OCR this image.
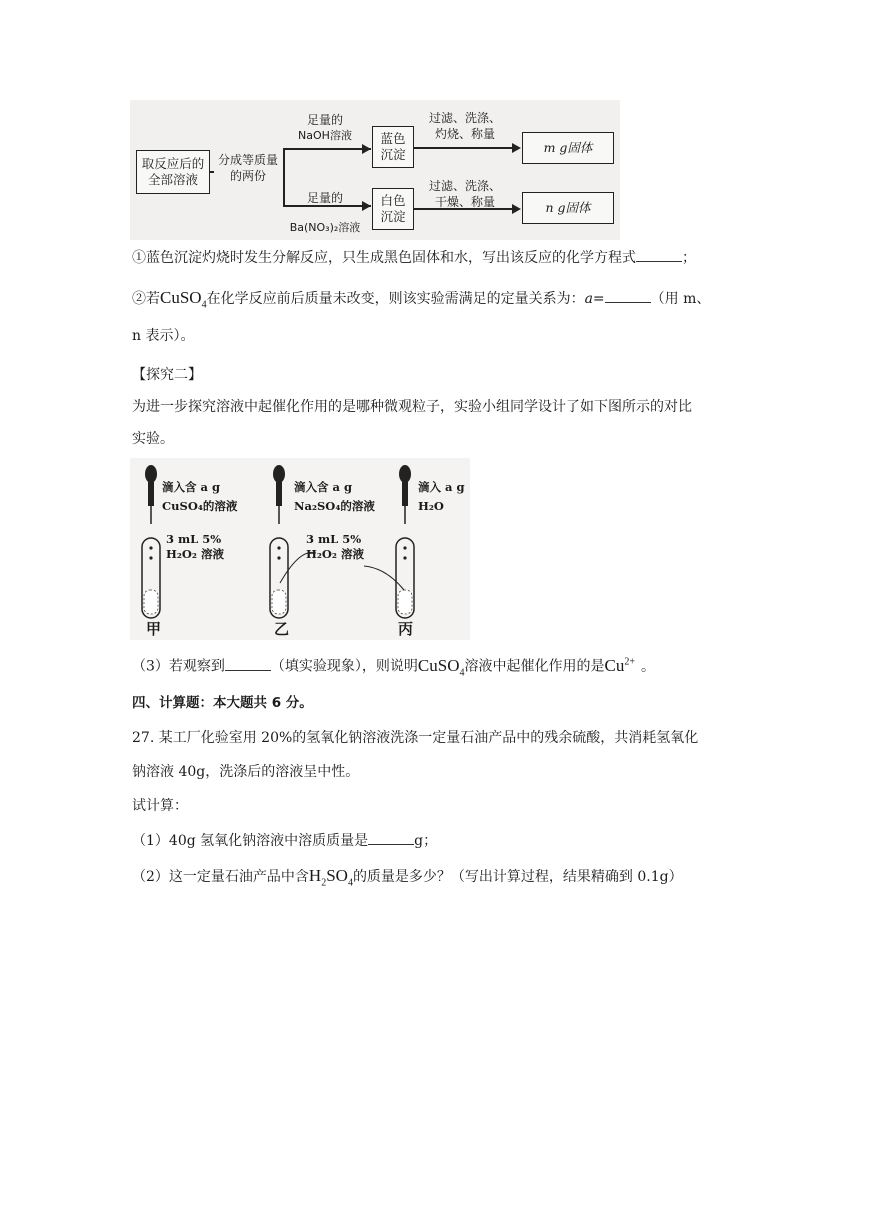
取反应后的全部溶液
分成等质量的两份
足量的
NaOH溶液
足量的
Ba(NO₃)₂溶液
蓝色沉淀
白色沉淀
过滤、洗涤、
灼烧、称量
过滤、洗涤、
干燥、称量
m g固体
n g固体
①蓝色沉淀灼烧时发生分解反应，只生成黑色固体和水，写出该反应的化学方程式	；
②若CuSO$_4$在化学反应前后质量未改变，则该实验需满足的定量关系为：a=	（用 m、
n 表示）。
【探究二】
为进一步探究溶液中起催化作用的是哪种微观粒子，实验小组同学设计了如下图所示的对比
实验。
滴入含 a g
CuSO₄的溶液
3 mL 5%
H₂O₂ 溶液
甲
滴入含 a g
Na₂SO₄的溶液
3 mL 5%
H₂O₂ 溶液
乙
滴入 a g
H₂O
丙
（3）若观察到	（填实验现象），则说明CuSO$_4$溶液中起催化作用的是$Cu^{2+}$ 。
四、计算题：本大题共 6 分。
27. 某工厂化验室用 20%的氢氧化钠溶液洗涤一定量石油产品中的残余硫酸，共消耗氢氧化
钠溶液 40g，洗涤后的溶液呈中性。
试计算：
（1）40g 氢氧化钠溶液中溶质质量是	g；
（2）这一定量石油产品中含$H_2SO_4$的质量是多少？（写出计算过程，结果精确到 0.1g）
